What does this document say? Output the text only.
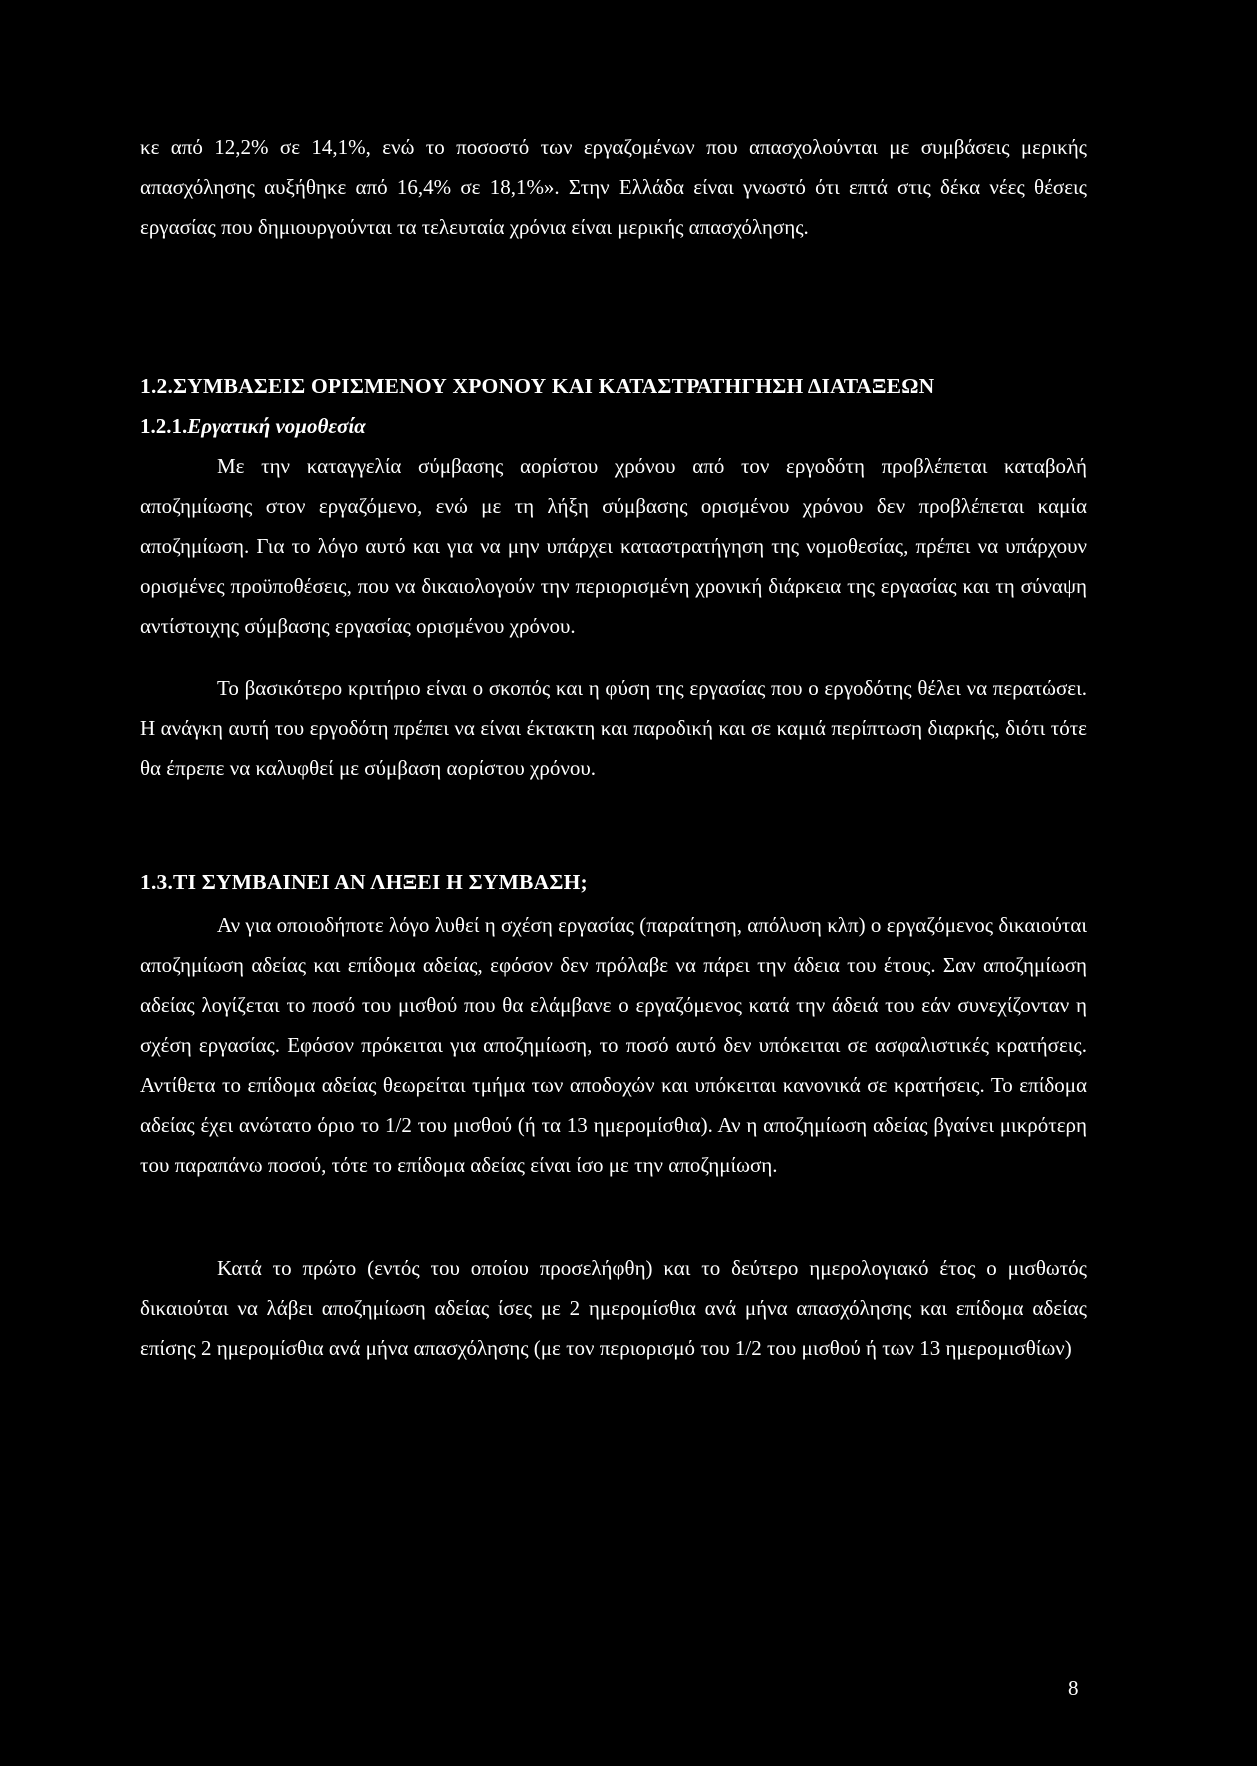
κε από 12,2% σε 14,1%, ενώ το ποσοστό των εργαζομένων που απασχολούνται με συμβάσεις μερικής απασχόλησης αυξήθηκε από 16,4% σε 18,1%». Στην Ελλάδα είναι γνωστό ότι επτά στις δέκα νέες θέσεις εργασίας που δημιουργούνται τα τελευταία χρόνια είναι μερικής απασχόλησης.

1.2.ΣΥΜΒΑΣΕΙΣ ΟΡΙΣΜΕΝΟΥ ΧΡΟΝΟΥ ΚΑΙ ΚΑΤΑΣΤΡΑΤΗΓΗΣΗ ΔΙΑΤΑΞΕΩΝ
1.2.1.Εργατική νομοθεσία

Με την καταγγελία σύμβασης αορίστου χρόνου από τον εργοδότη προβλέπεται καταβολή αποζημίωσης στον εργαζόμενο, ενώ με τη λήξη σύμβασης ορισμένου χρόνου δεν προβλέπεται καμία αποζημίωση. Για το λόγο αυτό και για να μην υπάρχει καταστρατήγηση της νομοθεσίας, πρέπει να υπάρχουν ορισμένες προϋποθέσεις, που να δικαιολογούν την περιορισμένη χρονική διάρκεια της εργασίας και τη σύναψη αντίστοιχης σύμβασης εργασίας ορισμένου χρόνου.

Το βασικότερο κριτήριο είναι ο σκοπός και η φύση της εργασίας που ο εργοδότης θέλει να περατώσει. Η ανάγκη αυτή του εργοδότη πρέπει να είναι έκτακτη και παροδική και σε καμιά περίπτωση διαρκής, διότι τότε θα έπρεπε να καλυφθεί με σύμβαση αορίστου χρόνου.

1.3.ΤΙ ΣΥΜΒΑΙΝΕΙ ΑΝ ΛΗΞΕΙ Η ΣΥΜΒΑΣΗ;

Αν για οποιοδήποτε λόγο λυθεί η σχέση εργασίας (παραίτηση, απόλυση κλπ) ο εργαζόμενος δικαιούται αποζημίωση αδείας και επίδομα αδείας, εφόσον δεν πρόλαβε να πάρει την άδεια του έτους. Σαν αποζημίωση αδείας λογίζεται το ποσό του μισθού που θα ελάμβανε ο εργαζόμενος κατά την άδειά του εάν συνεχίζονταν η σχέση εργασίας. Εφόσον πρόκειται για αποζημίωση, το ποσό αυτό δεν υπόκειται σε ασφαλιστικές κρατήσεις. Αντίθετα το επίδομα αδείας θεωρείται τμήμα των αποδοχών και υπόκειται κανονικά σε κρατήσεις. Το επίδομα αδείας έχει ανώτατο όριο το 1/2 του μισθού (ή τα 13 ημερομίσθια). Αν η αποζημίωση αδείας βγαίνει μικρότερη του παραπάνω ποσού, τότε το επίδομα αδείας είναι ίσο με την αποζημίωση.

Κατά το πρώτο (εντός του οποίου προσελήφθη) και το δεύτερο ημερολογιακό έτος ο μισθωτός δικαιούται να λάβει αποζημίωση αδείας ίσες με 2 ημερομίσθια ανά μήνα απασχόλησης και επίδομα αδείας επίσης 2 ημερομίσθια ανά μήνα απασχόλησης (με τον περιορισμό του 1/2 του μισθού ή των 13 ημερομισθίων)

8
